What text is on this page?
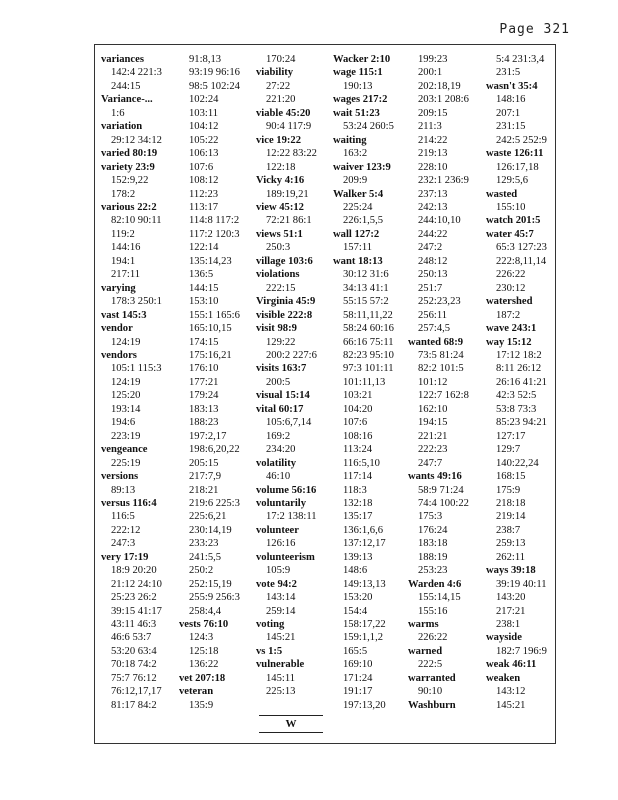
Page 321
variances
142:4 221:3
244:15
Variance-...
1:6
variation
29:12 34:12
varied 80:19
variety 23:9
152:9,22
178:2
various 22:2
82:10 90:11
119:2
144:16
194:1
217:11
varying
178:3 250:1
vast 145:3
vendor
124:19
vendors
105:1 115:3
124:19
125:20
193:14
194:6
223:19
vengeance
225:19
versions
89:13
versus 116:4
116:5
222:12
247:3
very 17:19
18:9 20:20
21:12 24:10
25:23 26:2
39:15 41:17
43:11 46:3
46:6 53:7
53:20 63:4
70:18 74:2
75:7 76:12
76:12,17,17
81:17 84:2
91:8,13
93:19 96:16
98:5 102:24
102:24
103:11
104:12
105:22
106:13
107:6
108:12
112:23
113:17
114:8 117:2
117:2 120:3
122:14
135:14,23
136:5
144:15
153:10
155:1 165:6
165:10,15
174:15
175:16,21
176:10
177:21
179:24
183:13
188:23
197:2,17
198:6,20,22
205:15
217:7,9
218:21
219:6 225:3
225:6,21
230:14,19
233:23
241:5,5
250:2
252:15,19
255:9 256:3
258:4,4
vests 76:10
124:3
125:18
136:22
vet 207:18
veteran
135:9
170:24
viability
27:22
221:20
viable 45:20
90:4 117:9
vice 19:22
12:22 83:22
122:18
Vicky 4:16
189:19,21
view 45:12
72:21 86:1
views 51:1
250:3
village 103:6
violations
222:15
Virginia 45:9
visible 222:8
visit 98:9
129:22
200:2 227:6
visits 163:7
200:5
visual 15:14
vital 60:17
105:6,7,14
169:2
234:20
volatility
46:10
volume 56:16
voluntarily
17:2 138:11
volunteer
126:16
volunteerism
105:9
vote 94:2
143:14
259:14
voting
145:21
vs 1:5
vulnerable
145:11
225:13
Wacker 2:10
wage 115:1
190:13
wages 217:2
wait 51:23
53:24 260:5
waiting
163:2
waiver 123:9
209:9
Walker 5:4
225:24
226:1,5,5
wall 127:2
157:11
want 18:13
30:12 31:6
34:13 41:1
55:15 57:2
58:11,11,22
58:24 60:16
66:16 75:11
82:23 95:10
97:3 101:11
101:11,13
103:21
104:20
107:6
108:16
113:24
116:5,10
117:14
118:3
132:18
135:17
136:1,6,6
137:12,17
139:13
148:6
149:13,13
153:20
154:4
158:17,22
159:1,1,2
165:5
169:10
171:24
191:17
197:13,20
199:23
200:1
202:18,19
203:1 208:6
209:15
211:3
214:22
219:13
228:10
232:1 236:9
237:13
242:13
244:10,10
244:22
247:2
248:12
250:13
251:7
252:23,23
256:11
257:4,5
wanted 68:9
73:5 81:24
82:2 101:5
101:12
122:7 162:8
162:10
194:15
221:21
222:23
247:7
wants 49:16
58:9 71:24
74:4 100:22
175:3
176:24
183:18
188:19
253:23
Warden 4:6
155:14,15
155:16
warms
226:22
warned
222:5
warranted
90:10
Washburn
5:4 231:3,4
231:5
wasn't 35:4
148:16
207:1
231:15
242:5 252:9
waste 126:11
126:17,18
129:5,6
wasted
155:10
watch 201:5
water 45:7
65:3 127:23
222:8,11,14
226:22
230:12
watershed
187:2
wave 243:1
way 15:12
17:12 18:2
8:11 26:12
26:16 41:21
42:3 52:5
53:8 73:3
85:23 94:21
127:17
129:7
140:22,24
168:15
175:9
218:18
219:14
238:7
259:13
262:11
ways 39:18
39:19 40:11
143:20
217:21
238:1
wayside
182:7 196:9
weak 46:11
weaken
143:12
145:21
W
